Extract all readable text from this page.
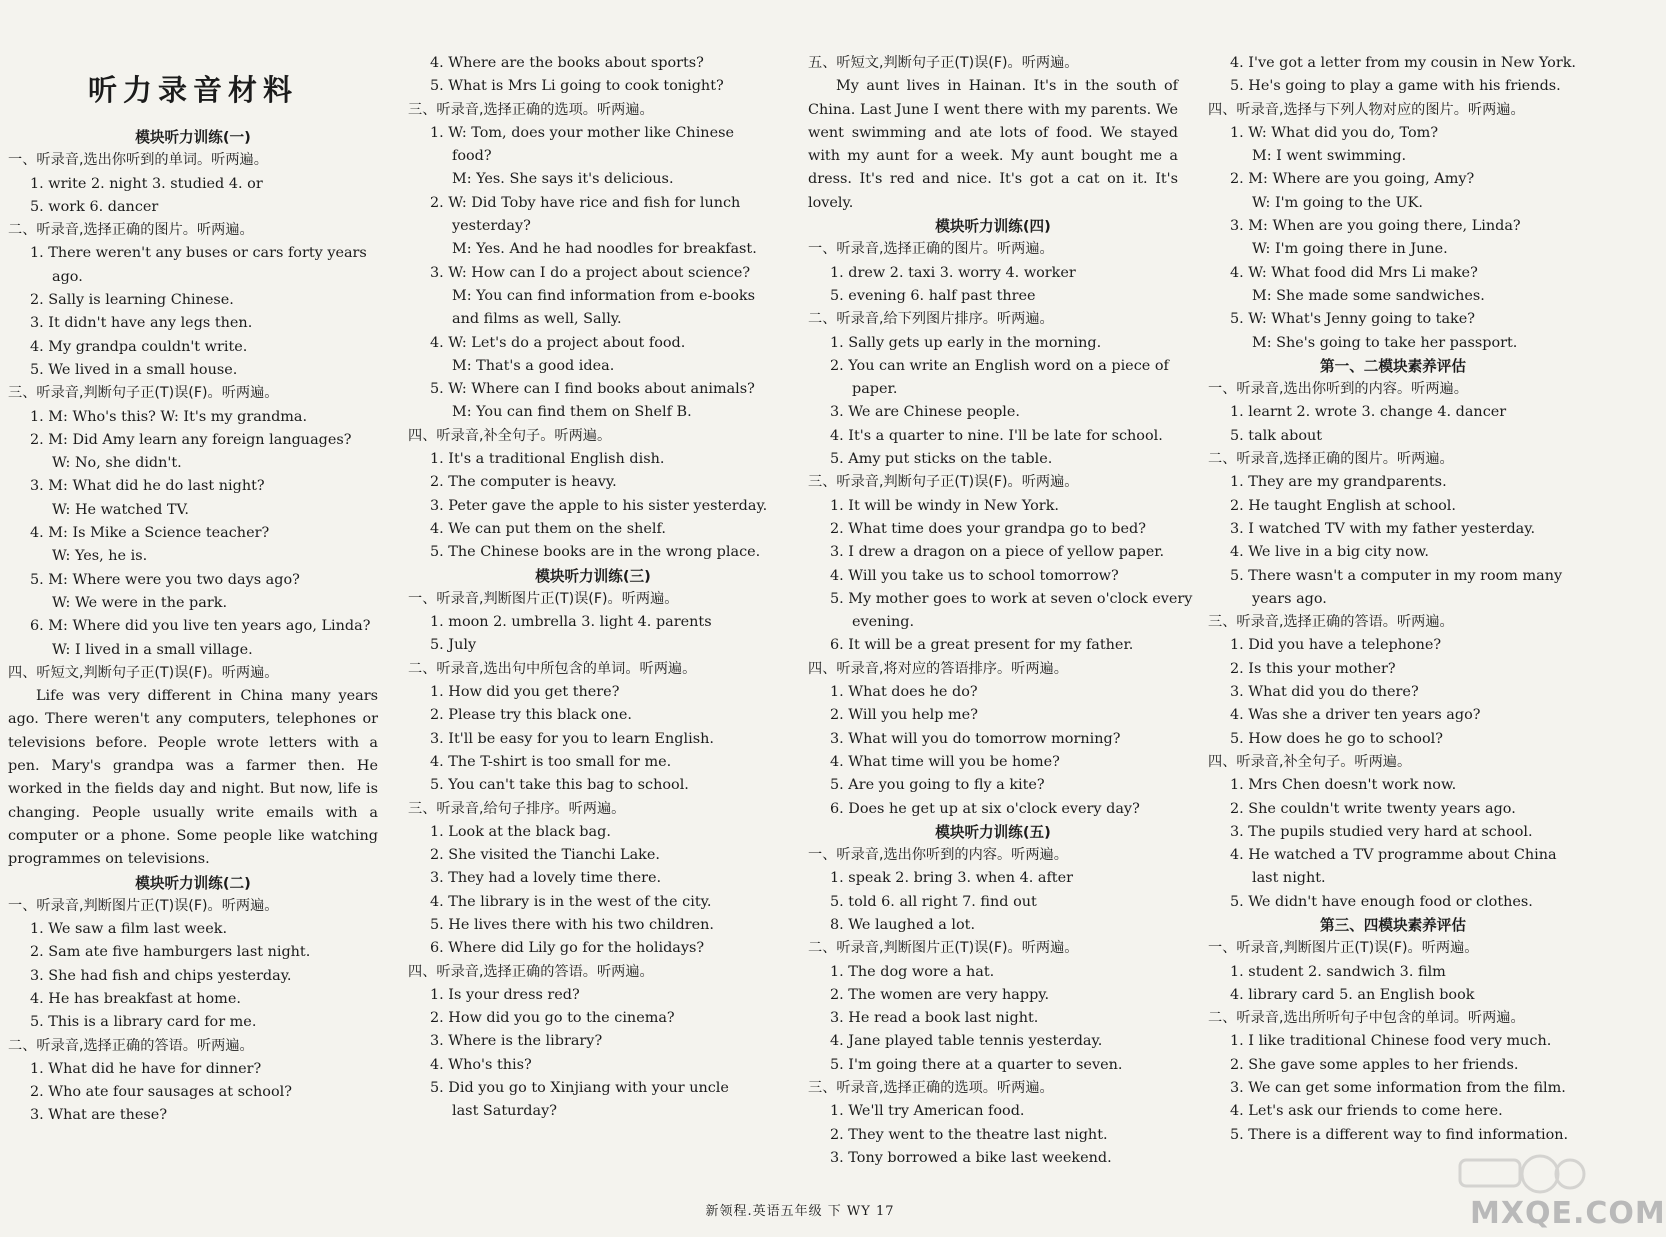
听力录音材料
模块听力训练(一)
一、听录音,选出你听到的单词。听两遍。
1. write 2. night 3. studied 4. or
5. work 6. dancer
二、听录音,选择正确的图片。听两遍。
1. There weren't any buses or cars forty years
ago.
2. Sally is learning Chinese.
3. It didn't have any legs then.
4. My grandpa couldn't write.
5. We lived in a small house.
三、听录音,判断句子正(T)误(F)。听两遍。
1. M: Who's this? W: It's my grandma.
2. M: Did Amy learn any foreign languages?
W: No, she didn't.
3. M: What did he do last night?
W: He watched TV.
4. M: Is Mike a Science teacher?
W: Yes, he is.
5. M: Where were you two days ago?
W: We were in the park.
6. M: Where did you live ten years ago, Linda?
W: I lived in a small village.
四、听短文,判断句子正(T)误(F)。听两遍。
Life was very different in China many years ago. There weren't any computers, telephones or televisions before. People wrote letters with a pen. Mary's grandpa was a farmer then. He worked in the fields day and night. But now, life is changing. People usually write emails with a computer or a phone. Some people like watching programmes on televisions.
模块听力训练(二)
一、听录音,判断图片正(T)误(F)。听两遍。
1. We saw a film last week.
2. Sam ate five hamburgers last night.
3. She had fish and chips yesterday.
4. He has breakfast at home.
5. This is a library card for me.
二、听录音,选择正确的答语。听两遍。
1. What did he have for dinner?
2. Who ate four sausages at school?
3. What are these?
4. Where are the books about sports?
5. What is Mrs Li going to cook tonight?
三、听录音,选择正确的选项。听两遍。
1. W: Tom, does your mother like Chinese
food?
M: Yes. She says it's delicious.
2. W: Did Toby have rice and fish for lunch
yesterday?
M: Yes. And he had noodles for breakfast.
3. W: How can I do a project about science?
M: You can find information from e-books
and films as well, Sally.
4. W: Let's do a project about food.
M: That's a good idea.
5. W: Where can I find books about animals?
M: You can find them on Shelf B.
四、听录音,补全句子。听两遍。
1. It's a traditional English dish.
2. The computer is heavy.
3. Peter gave the apple to his sister yesterday.
4. We can put them on the shelf.
5. The Chinese books are in the wrong place.
模块听力训练(三)
一、听录音,判断图片正(T)误(F)。听两遍。
1. moon 2. umbrella 3. light 4. parents
5. July
二、听录音,选出句中所包含的单词。听两遍。
1. How did you get there?
2. Please try this black one.
3. It'll be easy for you to learn English.
4. The T-shirt is too small for me.
5. You can't take this bag to school.
三、听录音,给句子排序。听两遍。
1. Look at the black bag.
2. She visited the Tianchi Lake.
3. They had a lovely time there.
4. The library is in the west of the city.
5. He lives there with his two children.
6. Where did Lily go for the holidays?
四、听录音,选择正确的答语。听两遍。
1. Is your dress red?
2. How did you go to the cinema?
3. Where is the library?
4. Who's this?
5. Did you go to Xinjiang with your uncle
last Saturday?
五、听短文,判断句子正(T)误(F)。听两遍。
My aunt lives in Hainan. It's in the south of China. Last June I went there with my parents. We went swimming and ate lots of food. We stayed with my aunt for a week. My aunt bought me a dress. It's red and nice. It's got a cat on it. It's lovely.
模块听力训练(四)
一、听录音,选择正确的图片。听两遍。
1. drew 2. taxi 3. worry 4. worker
5. evening 6. half past three
二、听录音,给下列图片排序。听两遍。
1. Sally gets up early in the morning.
2. You can write an English word on a piece of
paper.
3. We are Chinese people.
4. It's a quarter to nine. I'll be late for school.
5. Amy put sticks on the table.
三、听录音,判断句子正(T)误(F)。听两遍。
1. It will be windy in New York.
2. What time does your grandpa go to bed?
3. I drew a dragon on a piece of yellow paper.
4. Will you take us to school tomorrow?
5. My mother goes to work at seven o'clock every
evening.
6. It will be a great present for my father.
四、听录音,将对应的答语排序。听两遍。
1. What does he do?
2. Will you help me?
3. What will you do tomorrow morning?
4. What time will you be home?
5. Are you going to fly a kite?
6. Does he get up at six o'clock every day?
模块听力训练(五)
一、听录音,选出你听到的内容。听两遍。
1. speak 2. bring 3. when 4. after
5. told 6. all right 7. find out
8. We laughed a lot.
二、听录音,判断图片正(T)误(F)。听两遍。
1. The dog wore a hat.
2. The women are very happy.
3. He read a book last night.
4. Jane played table tennis yesterday.
5. I'm going there at a quarter to seven.
三、听录音,选择正确的选项。听两遍。
1. We'll try American food.
2. They went to the theatre last night.
3. Tony borrowed a bike last weekend.
4. I've got a letter from my cousin in New York.
5. He's going to play a game with his friends.
四、听录音,选择与下列人物对应的图片。听两遍。
1. W: What did you do, Tom?
M: I went swimming.
2. M: Where are you going, Amy?
W: I'm going to the UK.
3. M: When are you going there, Linda?
W: I'm going there in June.
4. W: What food did Mrs Li make?
M: She made some sandwiches.
5. W: What's Jenny going to take?
M: She's going to take her passport.
第一、二模块素养评估
一、听录音,选出你听到的内容。听两遍。
1. learnt 2. wrote 3. change 4. dancer
5. talk about
二、听录音,选择正确的图片。听两遍。
1. They are my grandparents.
2. He taught English at school.
3. I watched TV with my father yesterday.
4. We live in a big city now.
5. There wasn't a computer in my room many
years ago.
三、听录音,选择正确的答语。听两遍。
1. Did you have a telephone?
2. Is this your mother?
3. What did you do there?
4. Was she a driver ten years ago?
5. How does he go to school?
四、听录音,补全句子。听两遍。
1. Mrs Chen doesn't work now.
2. She couldn't write twenty years ago.
3. The pupils studied very hard at school.
4. He watched a TV programme about China
last night.
5. We didn't have enough food or clothes.
第三、四模块素养评估
一、听录音,判断图片正(T)误(F)。听两遍。
1. student 2. sandwich 3. film
4. library card 5. an English book
二、听录音,选出所听句子中包含的单词。听两遍。
1. I like traditional Chinese food very much.
2. She gave some apples to her friends.
3. We can get some information from the film.
4. Let's ask our friends to come here.
5. There is a different way to find information.
新领程.英语五年级 下 WY 17	MXQE.COM
